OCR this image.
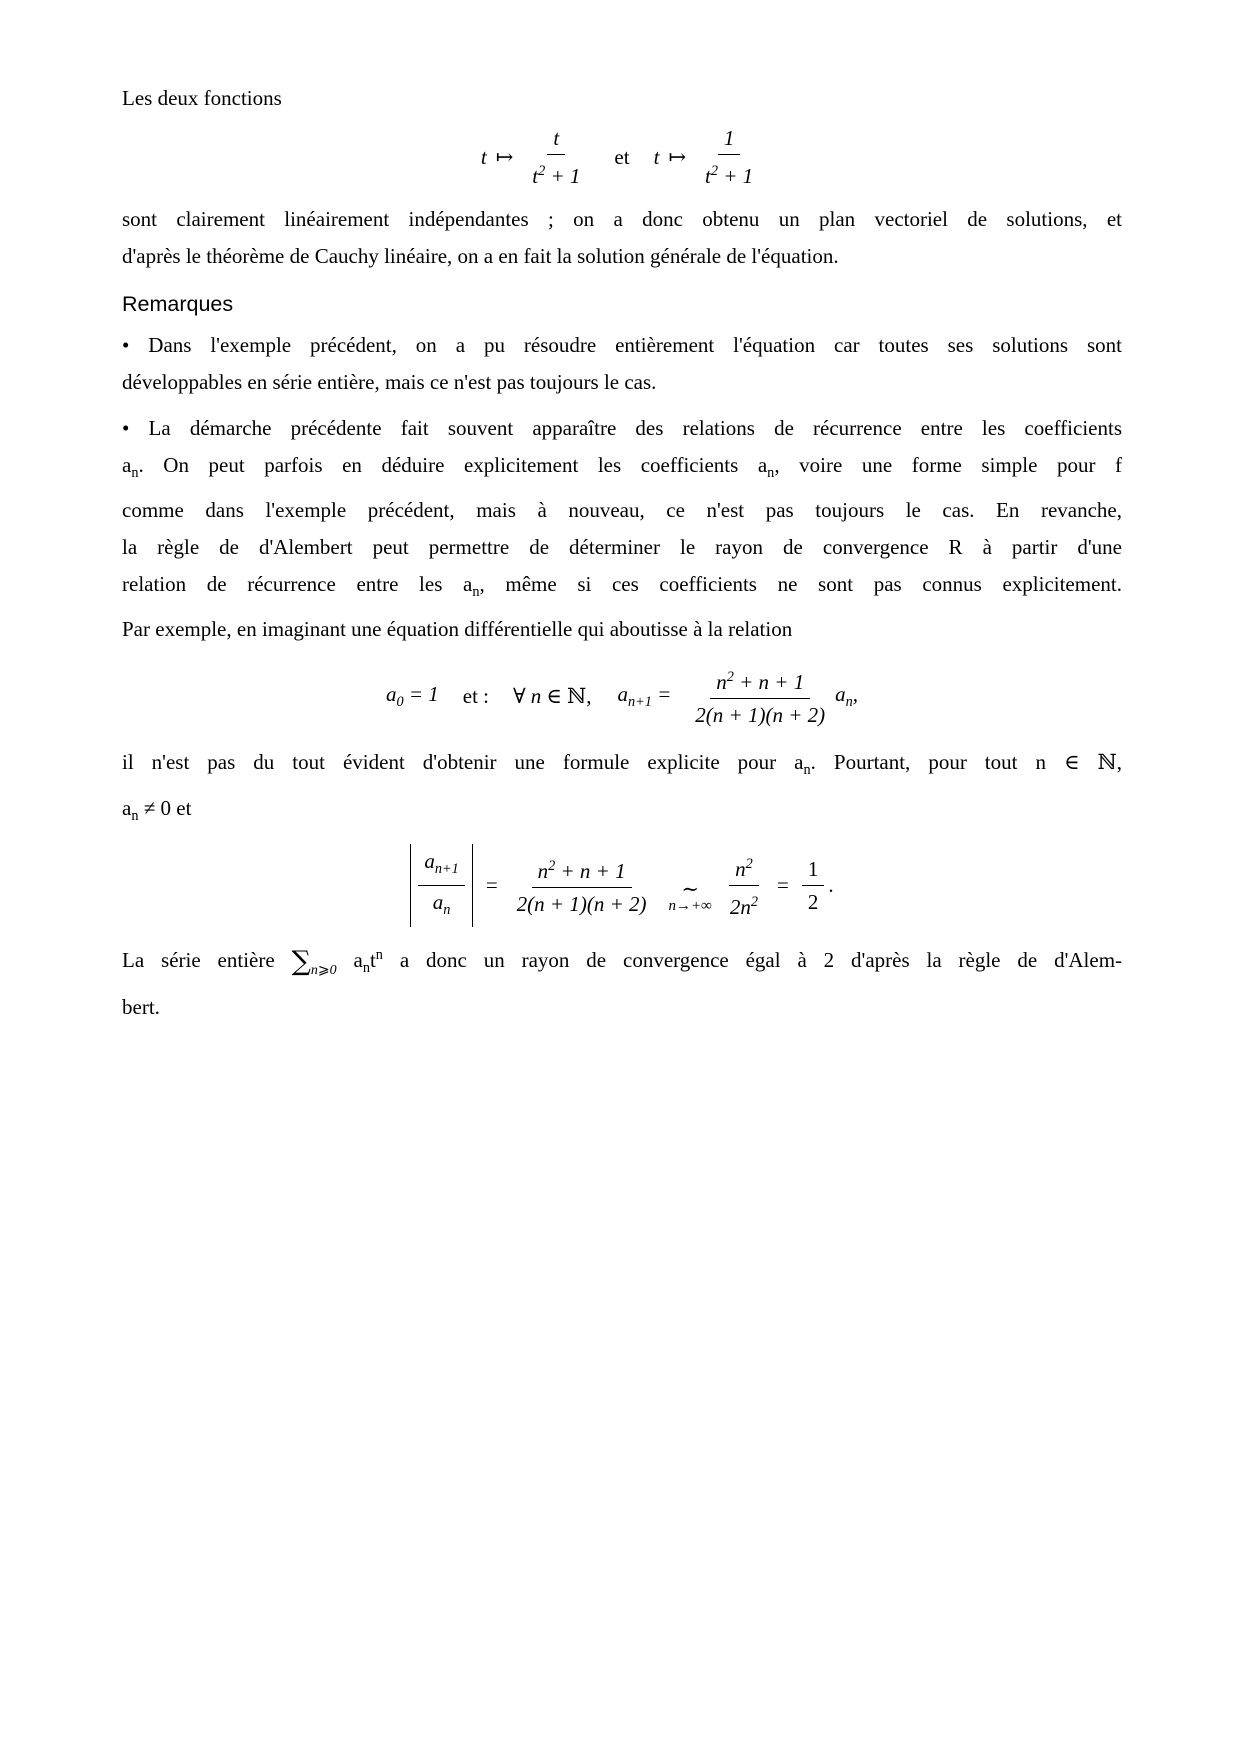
Les deux fonctions
t ↦ $\frac{t}{t^2 + 1}$ et t ↦ $\frac{1}{t^2 + 1}$
sont clairement linéairement indépendantes ; on a donc obtenu un plan vectoriel de solutions, et
d'après le théorème de Cauchy linéaire, on a en fait la solution générale de l'équation.
Remarques
• Dans l'exemple précédent, on a pu résoudre entièrement l'équation car toutes ses solutions sont
développables en série entière, mais ce n'est pas toujours le cas.
• La démarche précédente fait souvent apparaître des relations de récurrence entre les coefficients
$a_n$. On peut parfois en déduire explicitement les coefficients $a_n$, voire une forme simple pour f
comme dans l'exemple précédent, mais à nouveau, ce n'est pas toujours le cas. En revanche,
la règle de d'Alembert peut permettre de déterminer le rayon de convergence R à partir d'une
relation de récurrence entre les $a_n$, même si ces coefficients ne sont pas connus explicitement.
Par exemple, en imaginant une équation différentielle qui aboutisse à la relation
$a_0 = 1$ et : ∀ n ∈ ℕ, $a_{n+1} = \frac{n^2 + n + 1}{2(n + 1)(n + 2)} a_n$,
il n'est pas du tout évident d'obtenir une formule explicite pour $a_n$. Pourtant, pour tout n ∈ ℕ,
$a_n \ne 0$ et
$\frac{a_{n+1}}{a_n} = \frac{n^2 + n + 1}{2(n + 1)(n + 2)}$ ∼
$n\to+\infty \frac{n^2}{2n^2} = \frac{1}{2}$ .
La série entière $\sum_{n⩾0}$ $a_nt^n$ a donc un rayon de convergence égal à 2 d'après la règle de d'Alem-
bert.
